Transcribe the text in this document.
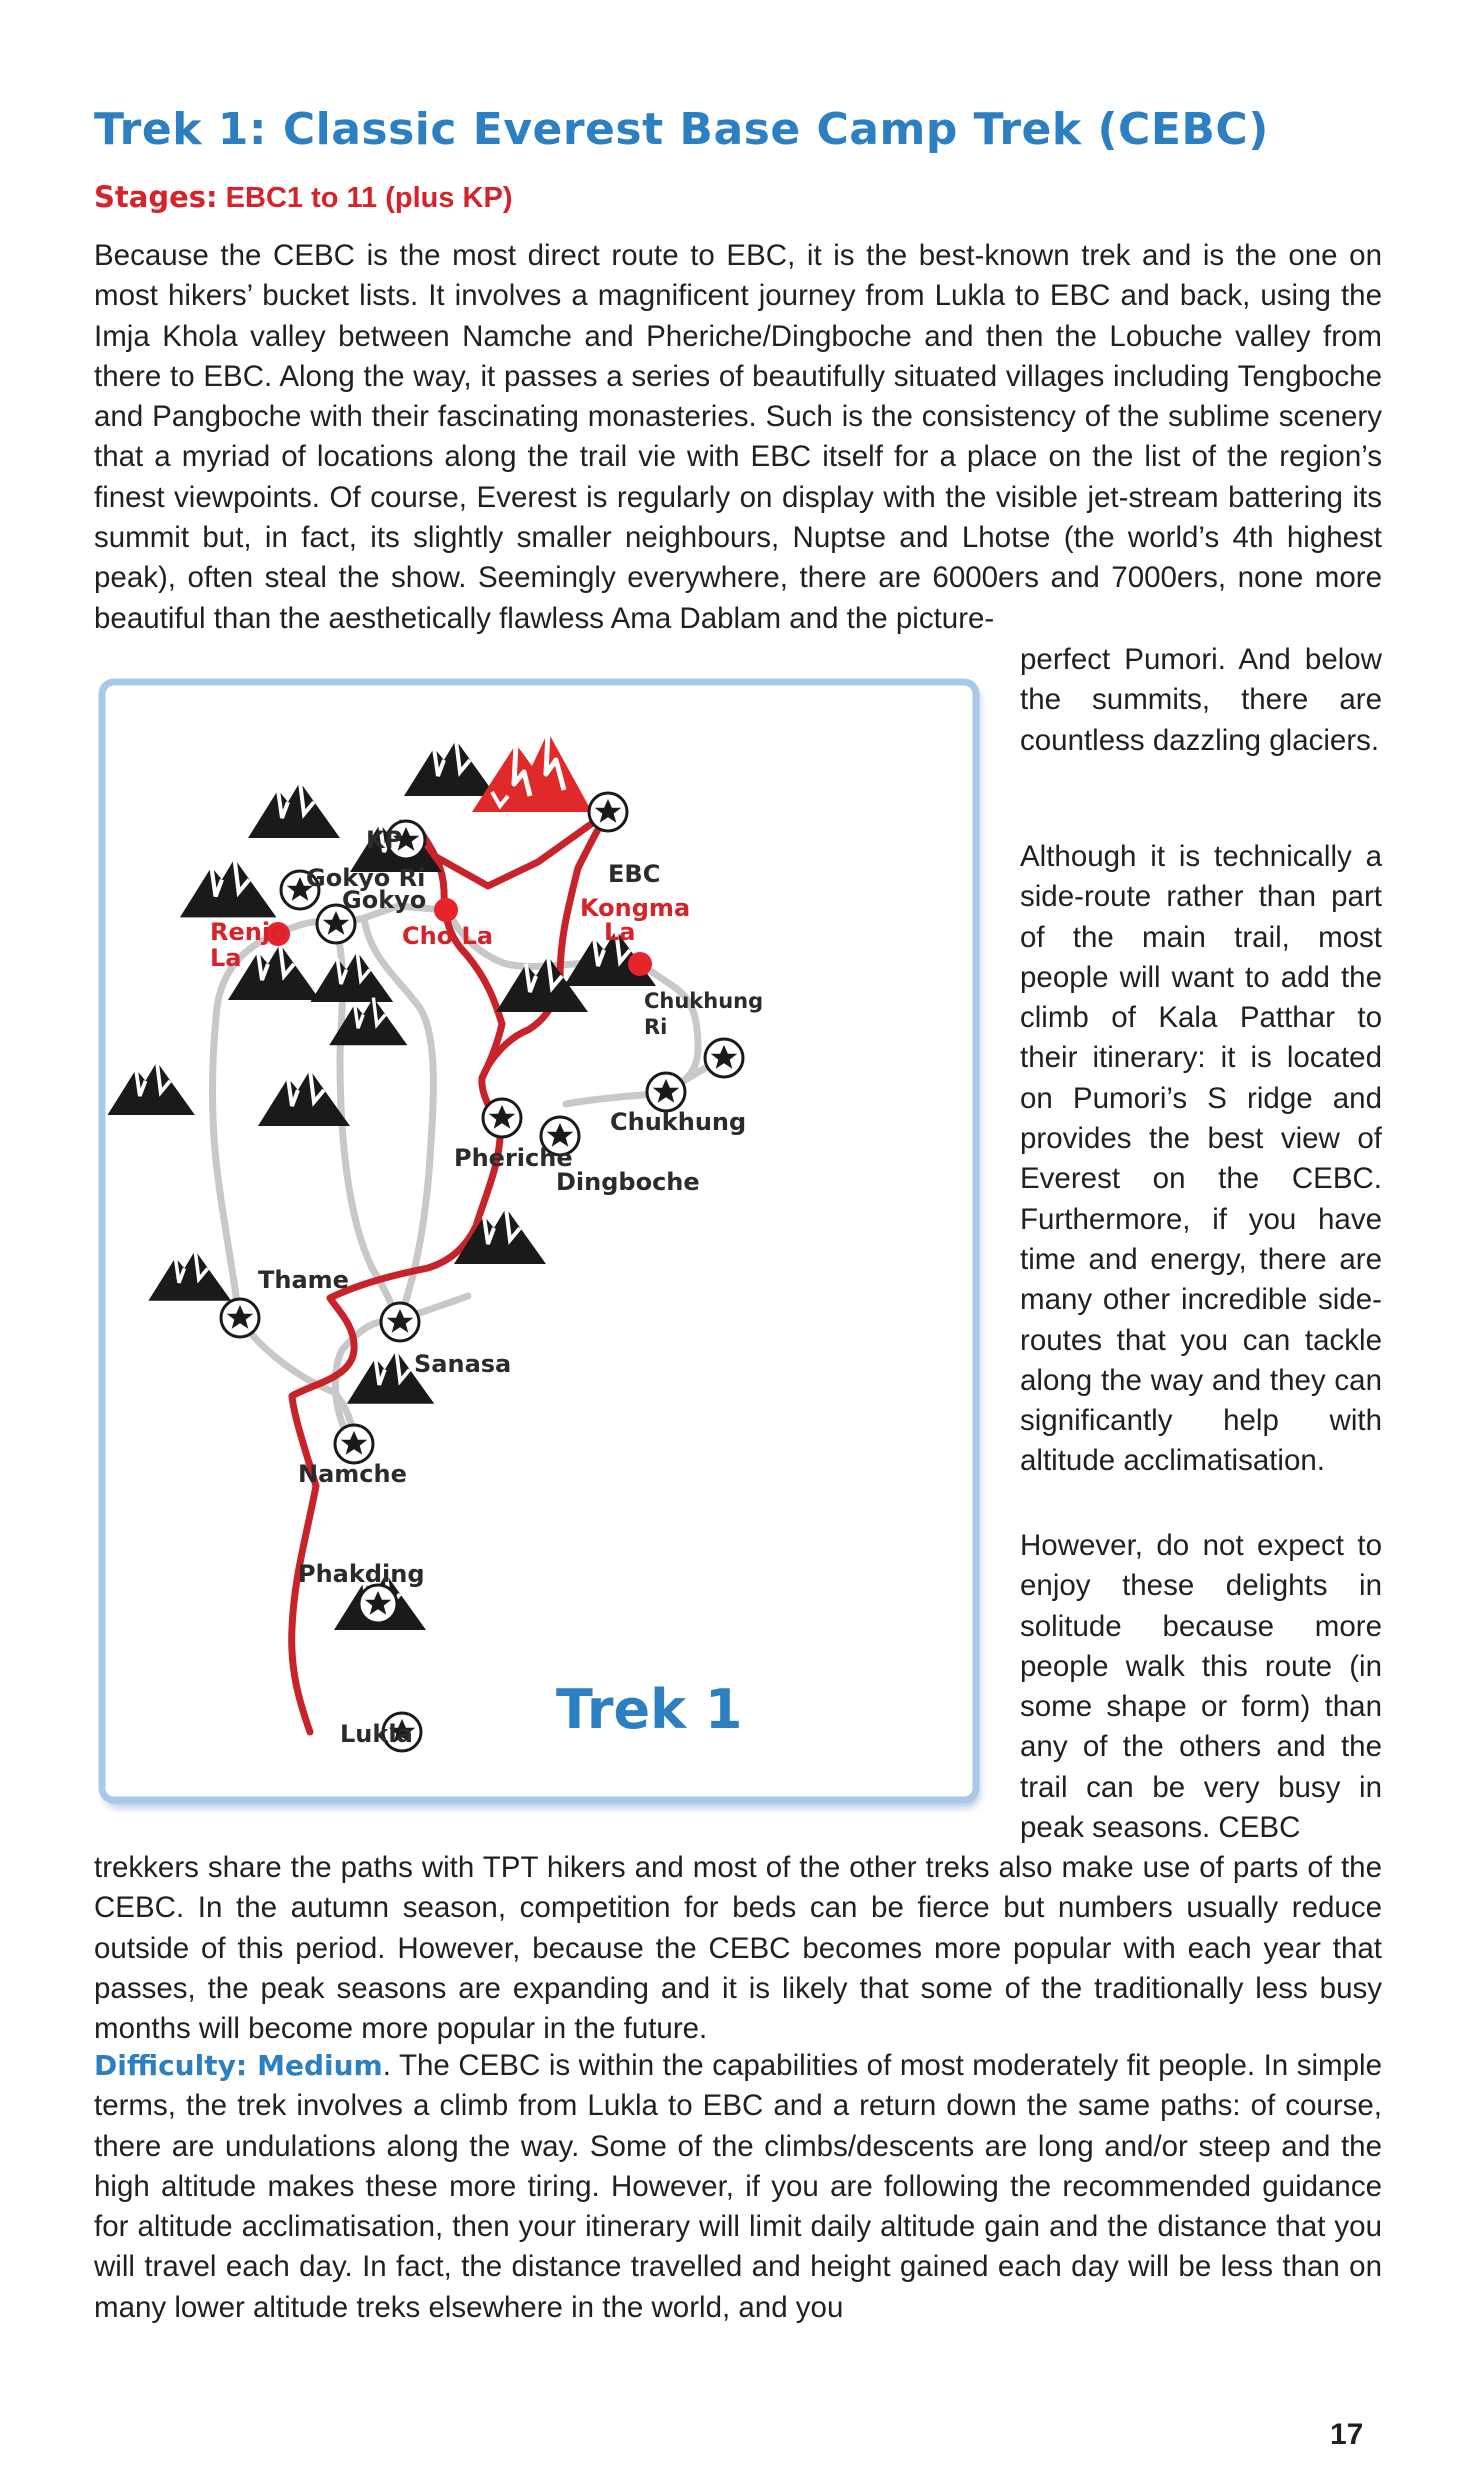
Trek 1: Classic Everest Base Camp Trek (CEBC)

Stages: EBC1 to 11 (plus KP)

Because the CEBC is the most direct route to EBC, it is the best-known trek and is the one on most hikers’ bucket lists. It involves a magnificent journey from Lukla to EBC and back, using the Imja Khola valley between Namche and Pheriche/Dingboche and then the Lobuche valley from there to EBC. Along the way, it passes a series of beautifully situated villages including Tengboche and Pangboche with their fascinating monasteries. Such is the consistency of the sublime scenery that a myriad of locations along the trail vie with EBC itself for a place on the list of the region’s finest viewpoints. Of course, Everest is regularly on display with the visible jet-stream battering its summit but, in fact, its slightly smaller neighbours, Nuptse and Lhotse (the world’s 4th highest peak), often steal the show. Seemingly everywhere, there are 6000ers and 7000ers, none more beautiful than the aesthetically flawless Ama Dablam and the picture-

perfect Pumori. And below the summits, there are countless dazzling glaciers.

Although it is technically a side-route rather than part of the main trail, most people will want to add the climb of Kala Patthar to their itinerary: it is located on Pumori’s S ridge and provides the best view of Everest on the CEBC. Furthermore, if you have time and energy, there are many other incredible side-routes that you can tackle along the way and they can significantly help with altitude acclimatisation.

However, do not expect to enjoy these delights in solitude because more people walk this route (in some shape or form) than any of the others and the trail can be very busy in peak seasons. CEBC

trekkers share the paths with TPT hikers and most of the other treks also make use of parts of the CEBC. In the autumn season, competition for beds can be fierce but numbers usually reduce outside of this period. However, because the CEBC becomes more popular with each year that passes, the peak seasons are expanding and it is likely that some of the traditionally less busy months will become more popular in the future.

Difficulty: Medium. The CEBC is within the capabilities of most moderately fit people. In simple terms, the trek involves a climb from Lukla to EBC and a return down the same paths: of course, there are undulations along the way. Some of the climbs/descents are long and/or steep and the high altitude makes these more tiring. However, if you are following the recommended guidance for altitude acclimatisation, then your itinerary will limit daily altitude gain and the distance that you will travel each day. In fact, the distance travelled and height gained each day will be less than on many lower altitude treks elsewhere in the world, and you

Gokyo Ri
Gokyo
KP
EBC
Renjo
La
Cho La
Kongma
La
Chukhung
Ri
Chukhung
Pheriche
Dingboche
Thame
Sanasa
Namche
Phakding
Lukla	Trek 1

17
